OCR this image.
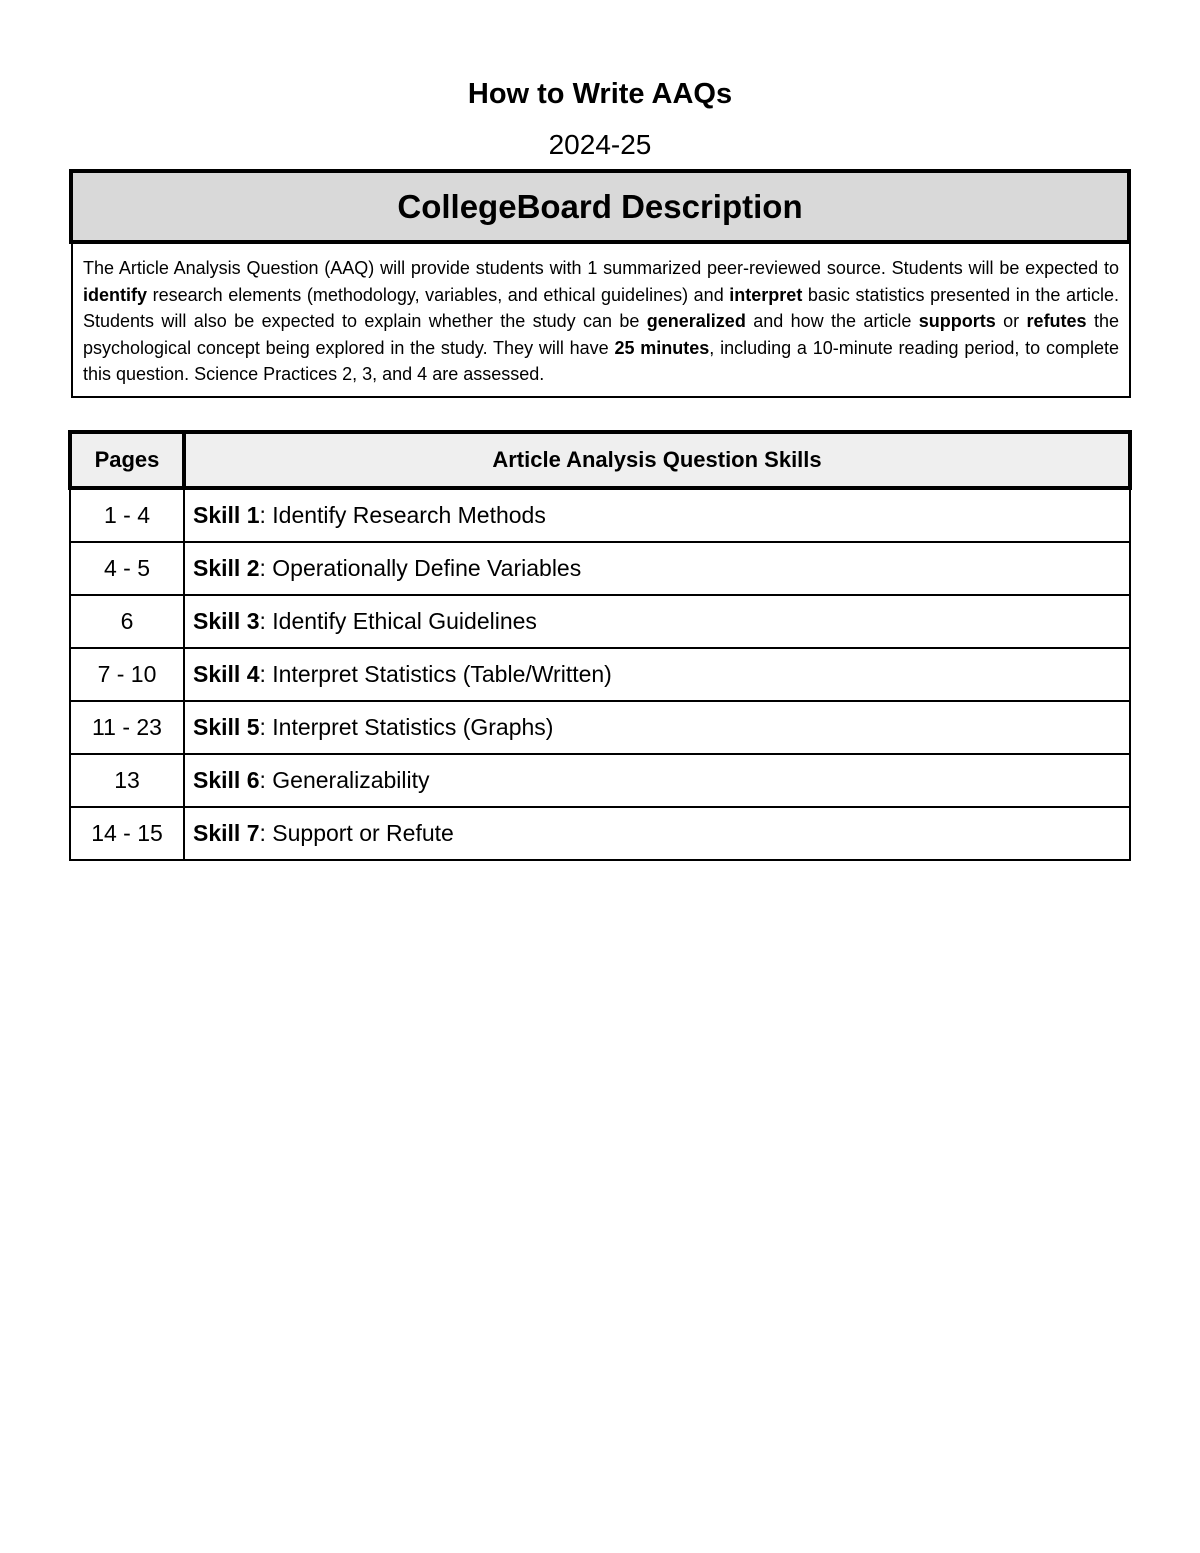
How to Write AAQs
2024-25
CollegeBoard Description
The Article Analysis Question (AAQ) will provide students with 1 summarized peer-reviewed source. Students will be expected to identify research elements (methodology, variables, and ethical guidelines) and interpret basic statistics presented in the article. Students will also be expected to explain whether the study can be generalized and how the article supports or refutes the psychological concept being explored in the study. They will have 25 minutes, including a 10-minute reading period, to complete this question. Science Practices 2, 3, and 4 are assessed.
Pages	Article Analysis Question Skills
1 - 4	Skill 1: Identify Research Methods
4 - 5	Skill 2: Operationally Define Variables
6	Skill 3: Identify Ethical Guidelines
7 - 10	Skill 4: Interpret Statistics (Table/Written)
11 - 23	Skill 5: Interpret Statistics (Graphs)
13	Skill 6: Generalizability
14 - 15	Skill 7: Support or Refute
